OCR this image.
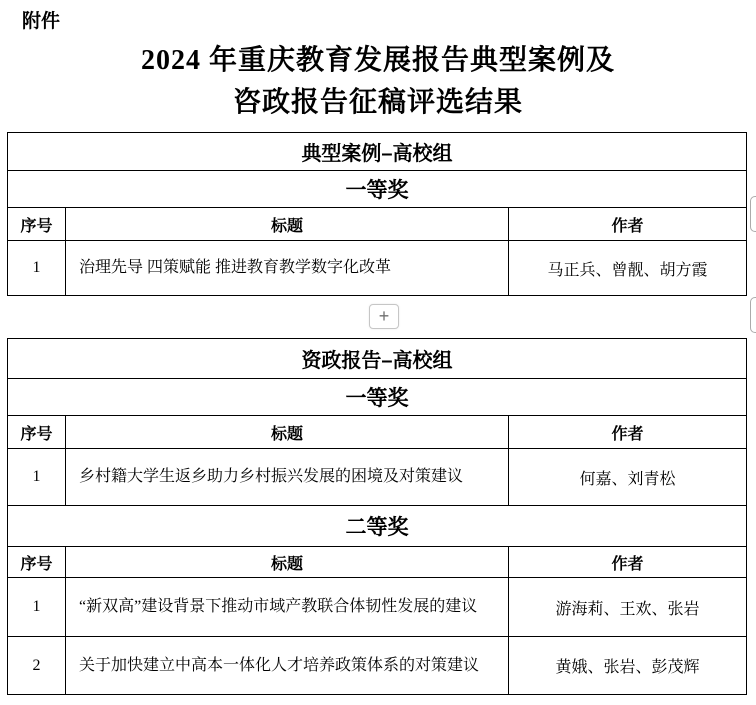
附件
2024 年重庆教育发展报告典型案例及
咨政报告征稿评选结果
典型案例–高校组		
一等奖		
序号	标题	作者
1	治理先导 四策赋能 推进教育教学数字化改革	马正兵、曾靓、胡方霞
+
资政报告–高校组		
一等奖		
序号	标题	作者
1	乡村籍大学生返乡助力乡村振兴发展的困境及对策建议	何嘉、刘青松
二等奖		
序号	标题	作者
1	“新双高”建设背景下推动市域产教联合体韧性发展的建议	游海莉、王欢、张岩
2	关于加快建立中高本一体化人才培养政策体系的对策建议	黄娥、张岩、彭茂辉
